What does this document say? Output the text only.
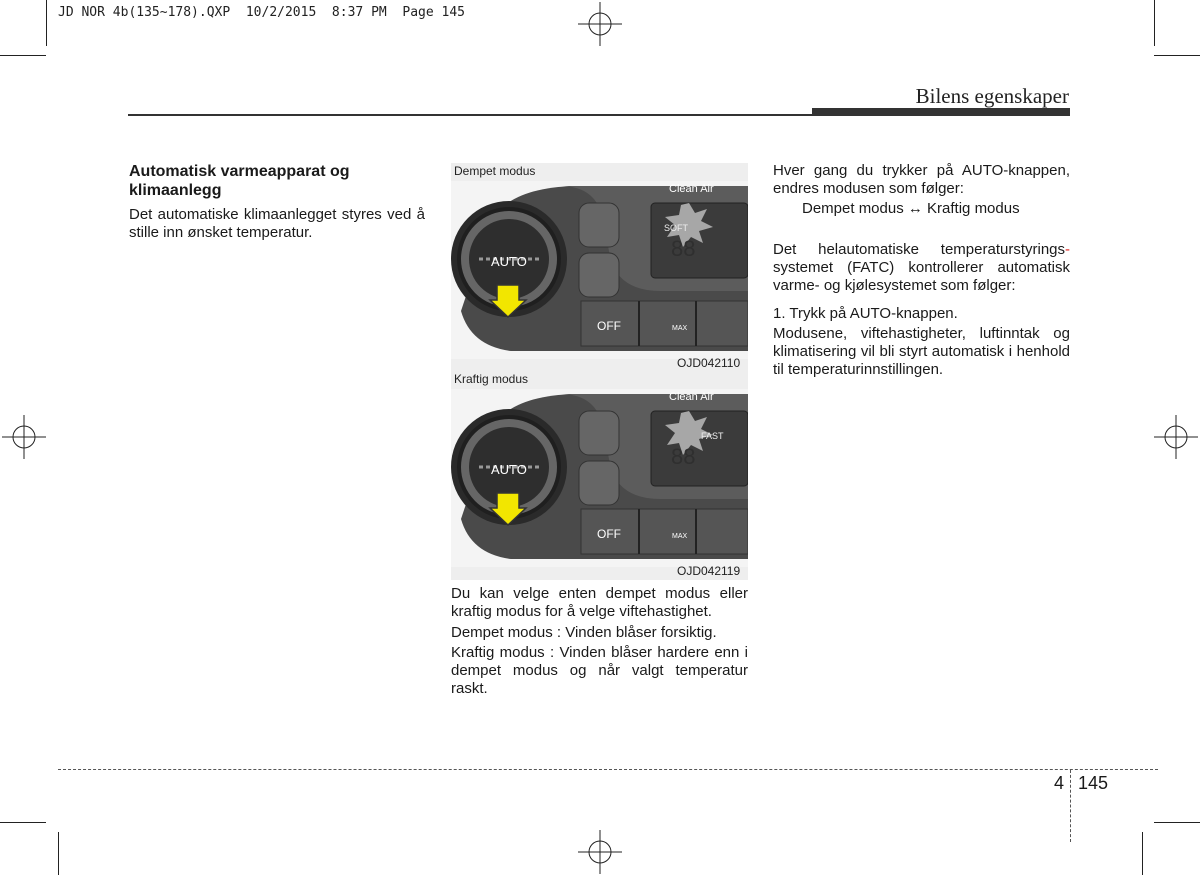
JD NOR 4b(135~178).QXP  10/2/2015  8:37 PM  Page 145
Bilens egenskaper
Automatisk varmeapparat og klimaanlegg
Det automatiske klimaanlegget styres ved å stille inn ønsket temperatur.
Dempet modus
88
AUTO
Clean Air
SOFT
OFF	MAX
OJD042110
Kraftig modus
88
AUTO
Clean Air
FAST
OFF	MAX
OJD042119
Du kan velge enten dempet modus eller kraftig modus for å velge viftehastighet.
Dempet modus : Vinden blåser forsiktig.
Kraftig modus : Vinden blåser hardere enn i dempet modus og når valgt temperatur raskt.
Hver gang du trykker på AUTO-knappen, endres modusen som følger:
Dempet modus ↔ Kraftig modus
Det helautomatiske temperaturstyrings- systemet (FATC) kontrollerer automatisk varme- og kjølesystemet som følger:
1. Trykk på AUTO-knappen.
Modusene, viftehastigheter, luftinntak og klimatisering vil bli styrt automatisk i henhold til temperaturinnstillingen.
4 145
